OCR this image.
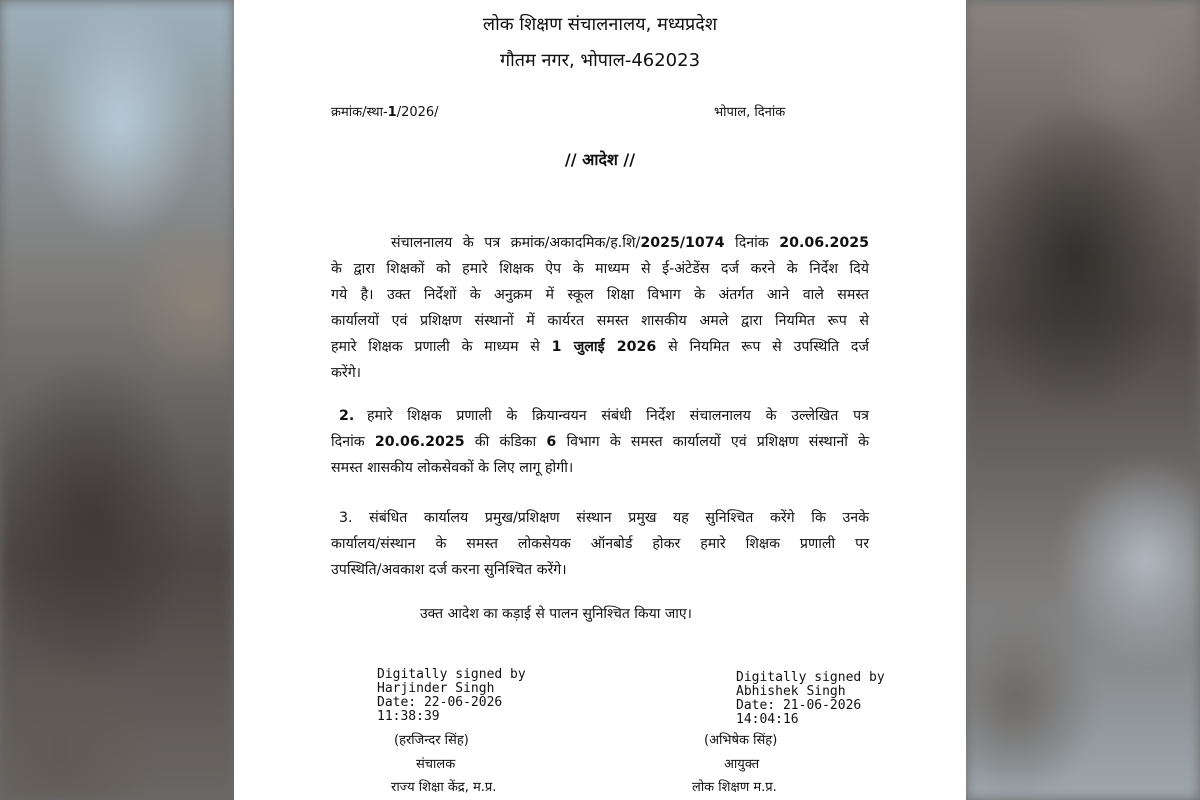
लोक शिक्षण संचालनालय, मध्यप्रदेश
गौतम नगर, भोपाल-462023
क्रमांक/स्था-1/2026/	भोपाल, दिनांक
// आदेश //
संचालनालय के पत्र क्रमांक/अकादमिक/ह.शि/2025/1074 दिनांक 20.06.2025
के द्वारा शिक्षकों को हमारे शिक्षक ऐप के माध्यम से ई-अंटेडेंस दर्ज करने के निर्देश दिये
गये है। उक्त निर्देशों के अनुक्रम में स्कूल शिक्षा विभाग के अंतर्गत आने वाले समस्त
कार्यालयों एवं प्रशिक्षण संस्थानों में कार्यरत समस्त शासकीय अमले द्वारा नियमित रूप से
हमारे शिक्षक प्रणाली के माध्यम से 1 जुलाई 2026 से नियमित रूप से उपस्थिति दर्ज
करेंगे।
2.हमारे शिक्षक प्रणाली के क्रियान्वयन संबंधी निर्देश संचालनालय के उल्लेखित पत्र
दिनांक 20.06.2025 की कंडिका 6 विभाग के समस्त कार्यालयों एवं प्रशिक्षण संस्थानों के
समस्त शासकीय लोकसेवकों के लिए लागू होगी।
3. संबंधित कार्यालय प्रमुख/प्रशिक्षण संस्थान प्रमुख यह सुनिश्चित करेंगे कि उनके
कार्यालय/संस्थान के समस्त लोकसेयक ऑनबोर्ड होकर हमारे शिक्षक प्रणाली पर
उपस्थिति/अवकाश दर्ज करना सुनिश्चित करेंगे।
उक्त आदेश का कड़ाई से पालन सुनिश्चित किया जाए।
Digitally signed by
Harjinder Singh
Date: 22-06-2026
11:38:39
(हरजिन्दर सिंह)
संचालक
राज्य शिक्षा केंद्र, म.प्र.
Digitally signed by
Abhishek Singh
Date: 21-06-2026
14:04:16
(अभिषेक सिंह)
आयुक्त
लोक शिक्षण म.प्र.
